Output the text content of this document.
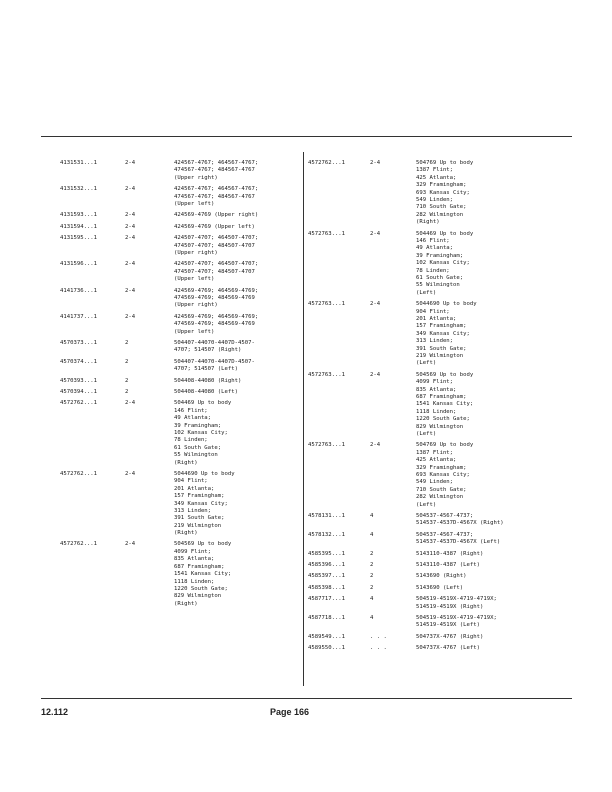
4131531...1	2-4	424567-4767; 464567-4767;
474567-4767; 484567-4767
(Upper right)
4131532...1	2-4	424567-4767; 464567-4767;
474567-4767; 484567-4767
(Upper left)
4131593...1	2-4	424569-4769 (Upper right)
4131594...1	2-4	424569-4769 (Upper left)
4131595...1	2-4	424507-4707; 464507-4707;
474507-4707; 484507-4707
(Upper right)
4131596...1	2-4	424507-4707; 464507-4707;
474507-4707; 484507-4707
(Upper left)
4141736...1	2-4	424569-4769; 464569-4769;
474569-4769; 484569-4769
(Upper right)
4141737...1	2-4	424569-4769; 464569-4769;
474569-4769; 484569-4769
(Upper left)
4570373...1	2	504407-44070-4407D-4507-
4707; 514507 (Right)
4570374...1	2	504407-44070-4407D-4507-
4707; 514507 (Left)
4570393...1	2	504408-44080 (Right)
4570394...1	2	504408-44080 (Left)
4572762...1	2-4	504469 Up to body
146 Flint;
49 Atlanta;
39 Framingham;
102 Kansas City;
78 Linden;
61 South Gate;
55 Wilmington
(Right)
4572762...1	2-4	5044690 Up to body
904 Flint;
201 Atlanta;
157 Framingham;
349 Kansas City;
313 Linden;
391 South Gate;
219 Wilmington
(Right)
4572762...1	2-4	504569 Up to body
4099 Flint;
835 Atlanta;
687 Framingham;
1541 Kansas City;
1118 Linden;
1220 South Gate;
829 Wilmington
(Right)
4572762...1	2-4	504769 Up to body
1387 Flint;
425 Atlanta;
329 Framingham;
693 Kansas City;
549 Linden;
710 South Gate;
282 Wilmington
(Right)
4572763...1	2-4	504469 Up to body
146 Flint;
49 Atlanta;
39 Framingham;
102 Kansas City;
78 Linden;
61 South Gate;
55 Wilmington
(Left)
4572763...1	2-4	5044690 Up to body
904 Flint;
201 Atlanta;
157 Framingham;
349 Kansas City;
313 Linden;
391 South Gate;
219 Wilmington
(Left)
4572763...1	2-4	504569 Up to body
4099 Flint;
835 Atlanta;
687 Framingham;
1541 Kansas City;
1118 Linden;
1220 South Gate;
829 Wilmington
(Left)
4572763...1	2-4	504769 Up to body
1387 Flint;
425 Atlanta;
329 Framingham;
693 Kansas City;
549 Linden;
710 South Gate;
282 Wilmington
(Left)
4578131...1	4	504537-4567-4737;
514537-4537D-4567X (Right)
4578132...1	4	504537-4567-4737;
514537-4537D-4567X (Left)
4585395...1	2	5143110-4387 (Right)
4585396...1	2	5143110-4387 (Left)
4585397...1	2	5143690 (Right)
4585398...1	2	5143690 (Left)
4587717...1	4	504519-4519X-4719-4719X;
514519-4519X (Right)
4587718...1	4	504519-4519X-4719-4719X;
514519-4519X (Left)
4589549...1	. . .	504737X-4767 (Right)
4589550...1	. . .	504737X-4767 (Left)
12.112	Page 166
